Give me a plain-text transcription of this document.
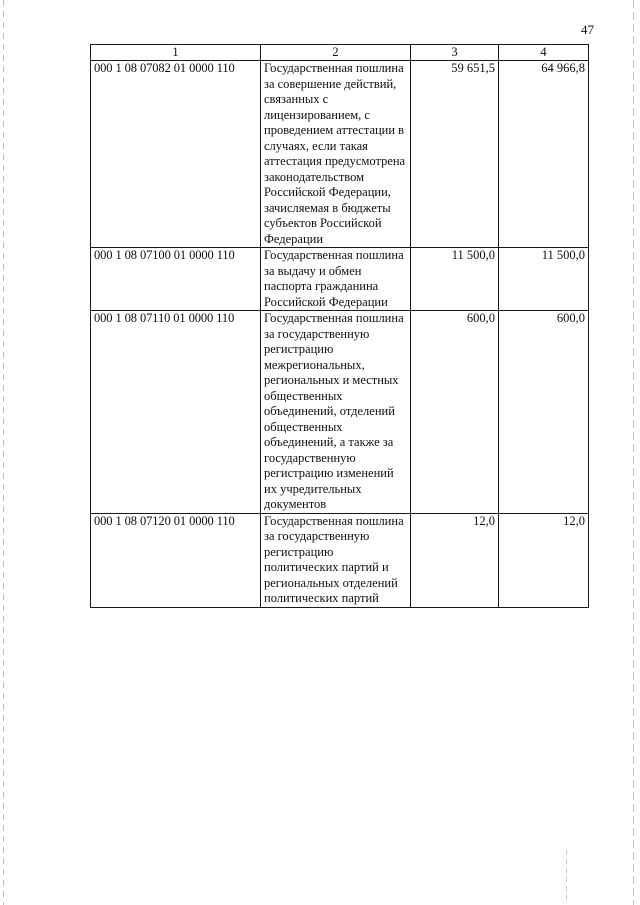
47
1	2	3	4
000 1 08 07082 01 0000 110	Государственная пошлина за совершение действий, связанных с лицензированием, с проведением аттестации в случаях, если такая аттестация предусмотрена законодательством Российской Федерации, зачисляемая в бюджеты субъектов Российской Федерации	59 651,5	64 966,8
000 1 08 07100 01 0000 110	Государственная пошлина за выдачу и обмен паспорта гражданина Российской Федерации	11 500,0	11 500,0
000 1 08 07110 01 0000 110	Государственная пошлина за государственную регистрацию межрегиональных, региональных и местных общественных объединений, отделений общественных объединений, а также за государственную регистрацию изменений их учредительных документов	600,0	600,0
000 1 08 07120 01 0000 110	Государственная пошлина за государственную регистрацию политических партий и региональных отделений политических партий	12,0	12,0
